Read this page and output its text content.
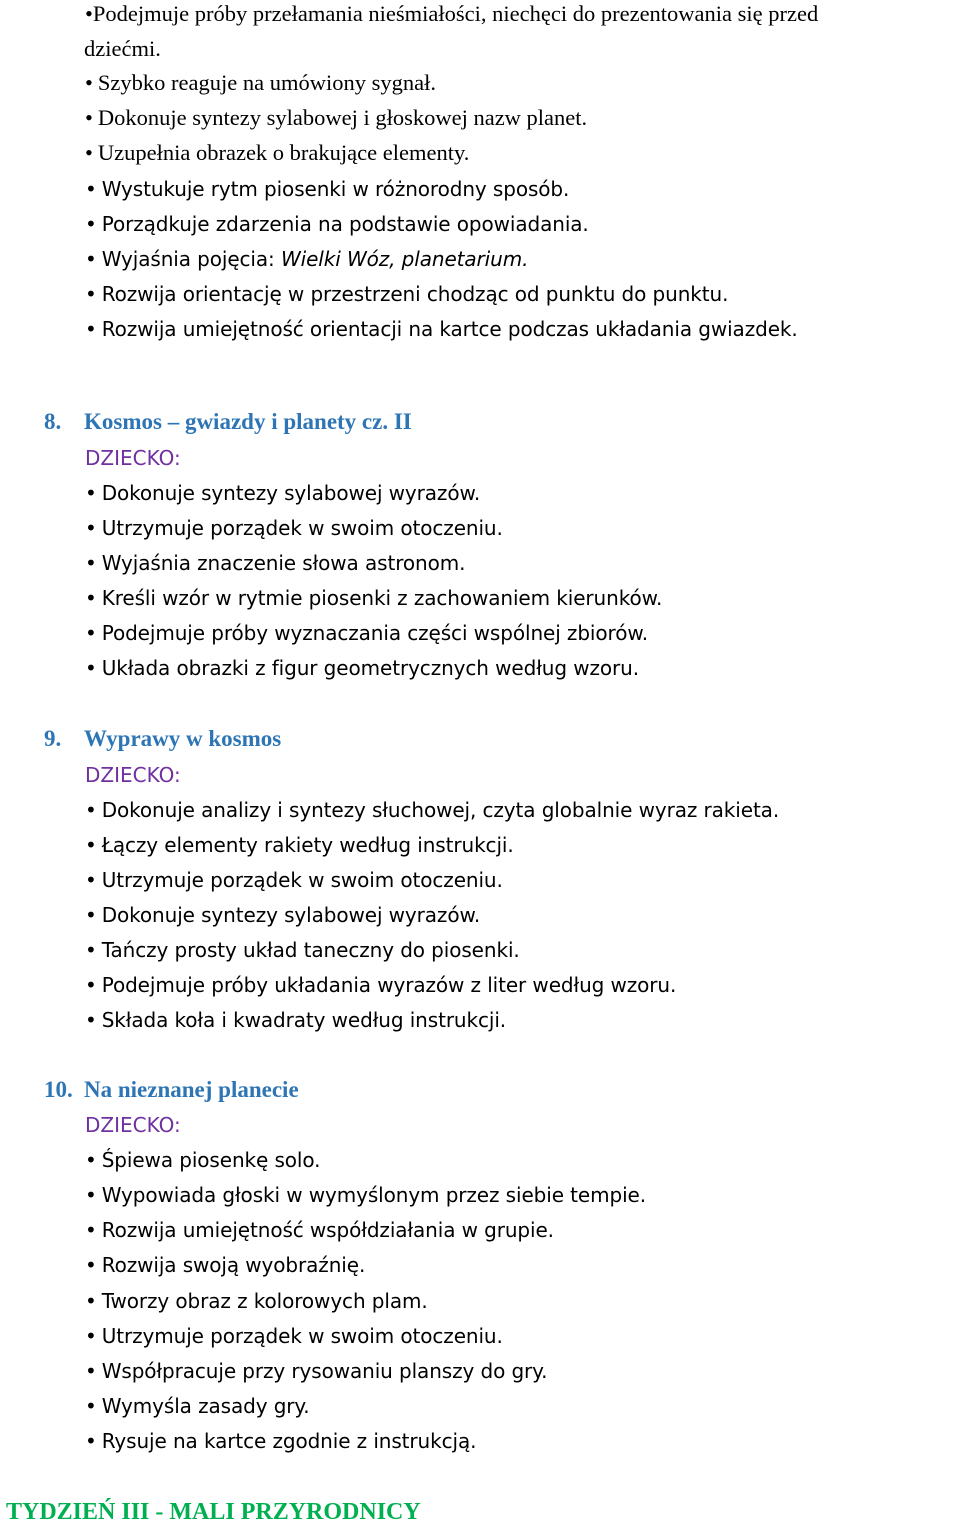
•Podejmuje próby przełamania nieśmiałości, niechęci do prezentowania się przed
dziećmi.
• Szybko reaguje na umówiony sygnał.
• Dokonuje syntezy sylabowej i głoskowej nazw planet.
• Uzupełnia obrazek o brakujące elementy.
• Wystukuje rytm piosenki w różnorodny sposób.
• Porządkuje zdarzenia na podstawie opowiadania.
• Wyjaśnia pojęcia: Wielki Wóz, planetarium.
• Rozwija orientację w przestrzeni chodząc od punktu do punktu.
• Rozwija umiejętność orientacji na kartce podczas układania gwiazdek.
8. Kosmos – gwiazdy i planety cz. II
DZIECKO:
• Dokonuje syntezy sylabowej wyrazów.
• Utrzymuje porządek w swoim otoczeniu.
• Wyjaśnia znaczenie słowa astronom.
• Kreśli wzór w rytmie piosenki z zachowaniem kierunków.
• Podejmuje próby wyznaczania części wspólnej zbiorów.
• Układa obrazki z figur geometrycznych według wzoru.
9. Wyprawy w kosmos
DZIECKO:
• Dokonuje analizy i syntezy słuchowej, czyta globalnie wyraz rakieta.
• Łączy elementy rakiety według instrukcji.
• Utrzymuje porządek w swoim otoczeniu.
• Dokonuje syntezy sylabowej wyrazów.
• Tańczy prosty układ taneczny do piosenki.
• Podejmuje próby układania wyrazów z liter według wzoru.
• Składa koła i kwadraty według instrukcji.
10. Na nieznanej planecie
DZIECKO:
• Śpiewa piosenkę solo.
• Wypowiada głoski w wymyślonym przez siebie tempie.
• Rozwija umiejętność współdziałania w grupie.
• Rozwija swoją wyobraźnię.
• Tworzy obraz z kolorowych plam.
• Utrzymuje porządek w swoim otoczeniu.
• Współpracuje przy rysowaniu planszy do gry.
• Wymyśla zasady gry.
• Rysuje na kartce zgodnie z instrukcją.
TYDZIEŃ III - MALI PRZYRODNICY
